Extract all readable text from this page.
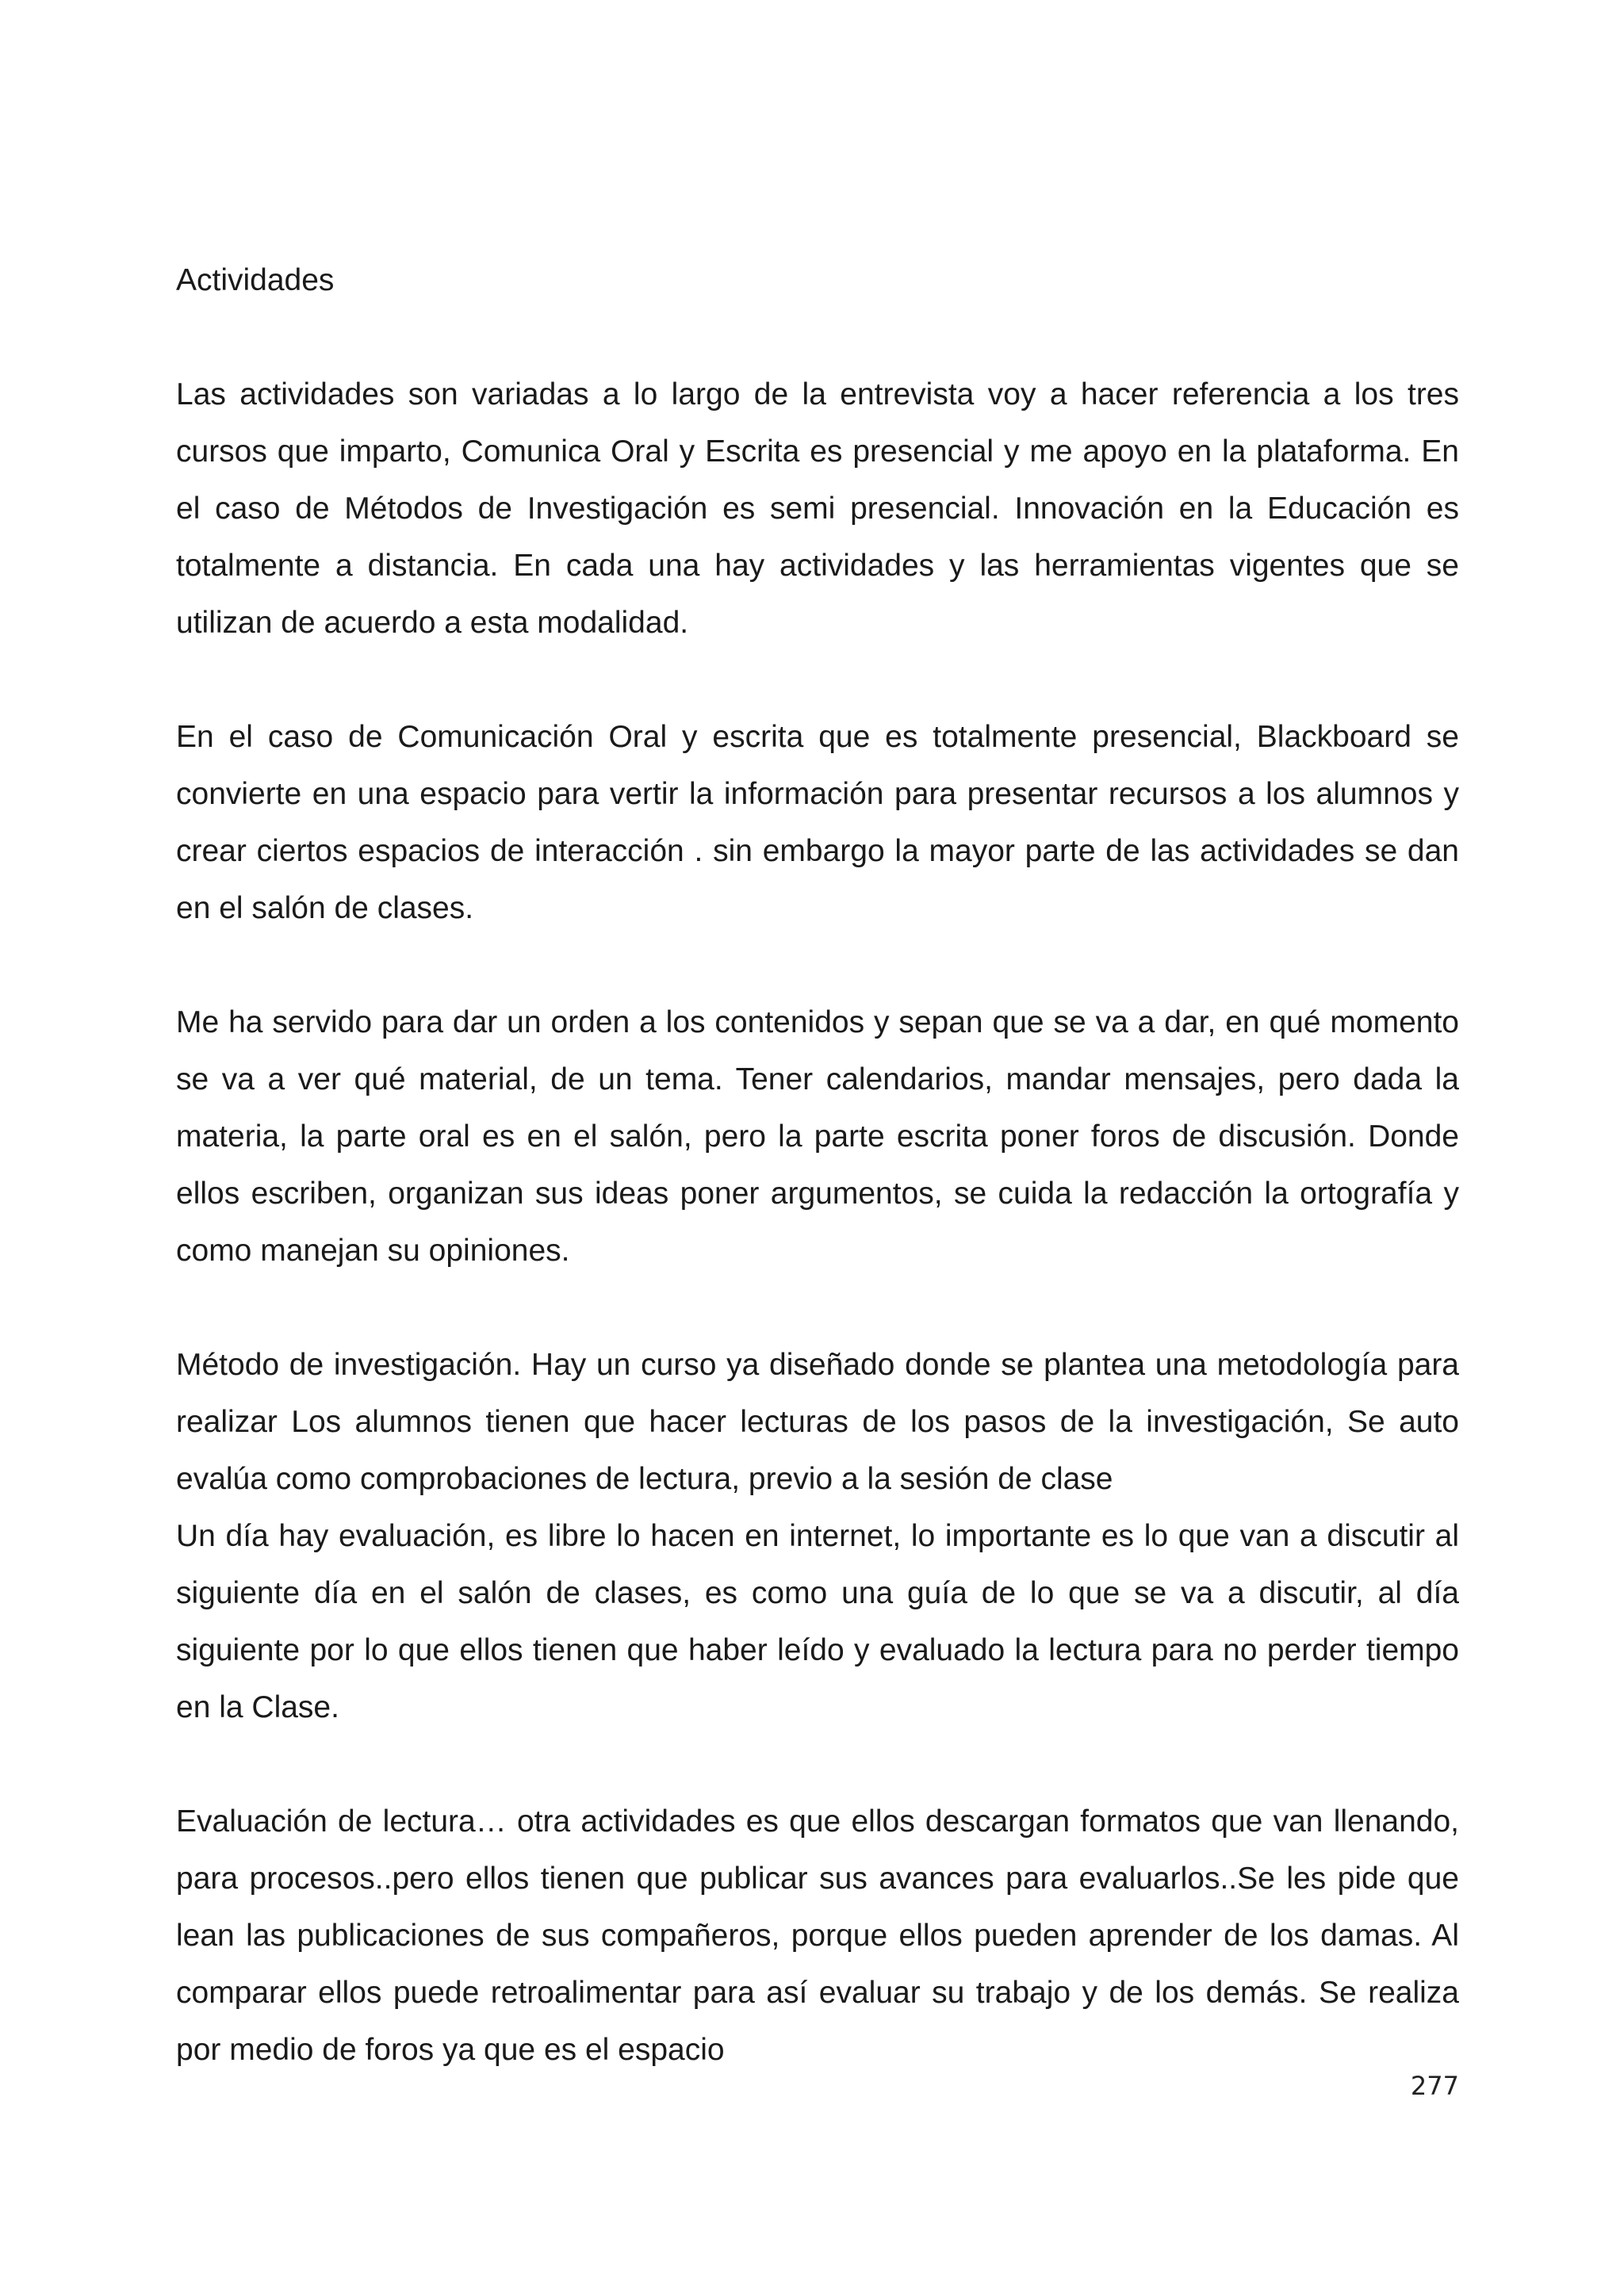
Actividades

Las actividades son variadas a lo largo de la entrevista voy a hacer referencia a los tres cursos que imparto, Comunica Oral y Escrita es presencial y me apoyo en la plataforma. En el caso de Métodos de Investigación es semi presencial. Innovación en la Educación es totalmente a distancia. En cada una hay actividades y las herramientas vigentes que se utilizan de acuerdo a esta modalidad.

En el caso de Comunicación Oral y escrita que es totalmente presencial, Blackboard se convierte en una espacio para vertir la información para presentar recursos a los alumnos y crear ciertos espacios de interacción . sin embargo la mayor parte de las actividades se dan en el salón de clases.

Me ha servido para dar un orden a los contenidos y sepan que se va a dar, en qué momento se va a ver qué material, de un tema. Tener calendarios, mandar mensajes, pero dada la materia, la parte oral es en el salón, pero la parte escrita poner foros de discusión. Donde ellos escriben, organizan sus ideas poner argumentos, se cuida la redacción la ortografía y como manejan su opiniones.

Método de investigación. Hay un curso ya diseñado donde se plantea una metodología para realizar Los alumnos tienen que hacer lecturas de los pasos de la investigación, Se auto evalúa como comprobaciones de lectura, previo a la sesión de clase

Un día hay evaluación, es libre lo hacen en internet, lo importante es lo que van a discutir al siguiente día en el salón de clases, es como una guía de lo que se va a discutir, al día siguiente por lo que ellos tienen que haber leído y evaluado la lectura para no perder tiempo en la Clase.

Evaluación de lectura… otra actividades es que ellos descargan formatos que van llenando, para procesos..pero ellos tienen que publicar sus avances para evaluarlos..Se les pide que lean las publicaciones de sus compañeros, porque ellos pueden aprender de los damas. Al comparar ellos puede retroalimentar para así evaluar su trabajo y de los demás. Se realiza por medio de foros ya que es el espacio

277
